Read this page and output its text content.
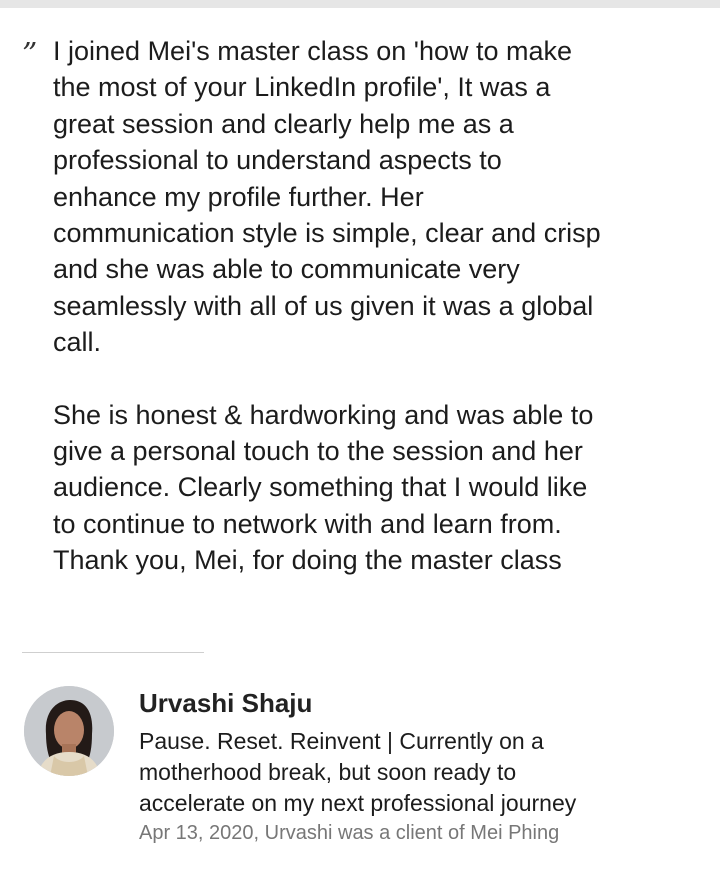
” I joined Mei's master class on 'how to make
the most of your LinkedIn profile', It was a
great session and clearly help me as a
professional to understand aspects to
enhance my profile further. Her
communication style is simple, clear and crisp
and she was able to communicate very
seamlessly with all of us given it was a global
call.

She is honest & hardworking and was able to
give a personal touch to the session and her
audience. Clearly something that I would like
to continue to network with and learn from.
Thank you, Mei, for doing the master class

Urvashi Shaju
Pause. Reset. Reinvent | Currently on a
motherhood break, but soon ready to
accelerate on my next professional journey
Apr 13, 2020, Urvashi was a client of Mei Phing
